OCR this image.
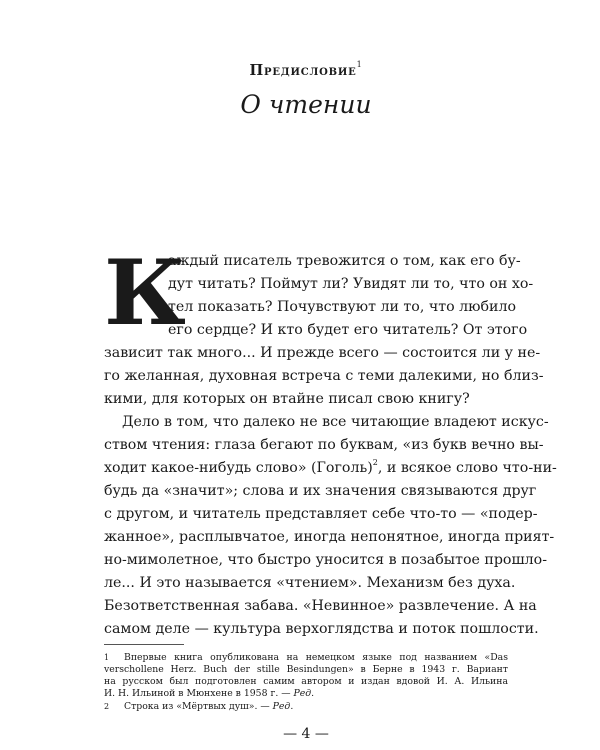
Предисловие$^1$
О чтении
К
аждый писатель тревожится о том, как его бу-
дут читать? Поймут ли? Увидят ли то, что он хо-
тел показать? Почувствуют ли то, что любило
его сердце? И кто будет его читатель? От этого
зависит так много... И прежде всего — состоится ли у не-
го желанная, духовная встреча с теми далекими, но близ-
кими, для которых он втайне писал свою книгу?
Дело в том, что далеко не все читающие владеют искус-
ством чтения: глаза бегают по буквам, «из букв вечно вы-
ходит какое-нибудь слово» (Гоголь)$^2$, и всякое слово что-ни-
будь да «значит»; слова и их значения связываются друг
с другом, и читатель представляет себе что-то — «подер-
жанное», расплывчатое, иногда непонятное, иногда прият-
но-мимолетное, что быстро уносится в позабытое прошло-
ле... И это называется «чтением». Механизм без духа.
Безответственная забава. «Невинное» развлечение. А на
самом деле — культура верхоглядства и поток пошлости.
1 Впервые книга опубликована на немецком языке под названием «Das
verschollene Herz. Buch der stille Besindungen» в Берне в 1943 г. Вариант
на русском был подготовлен самим автором и издан вдовой И. А. Ильина
И. Н. Ильиной в Мюнхене в 1958 г. — Ред.
2 Строка из «Мёртвых душ». — Ред.
— 4 —
